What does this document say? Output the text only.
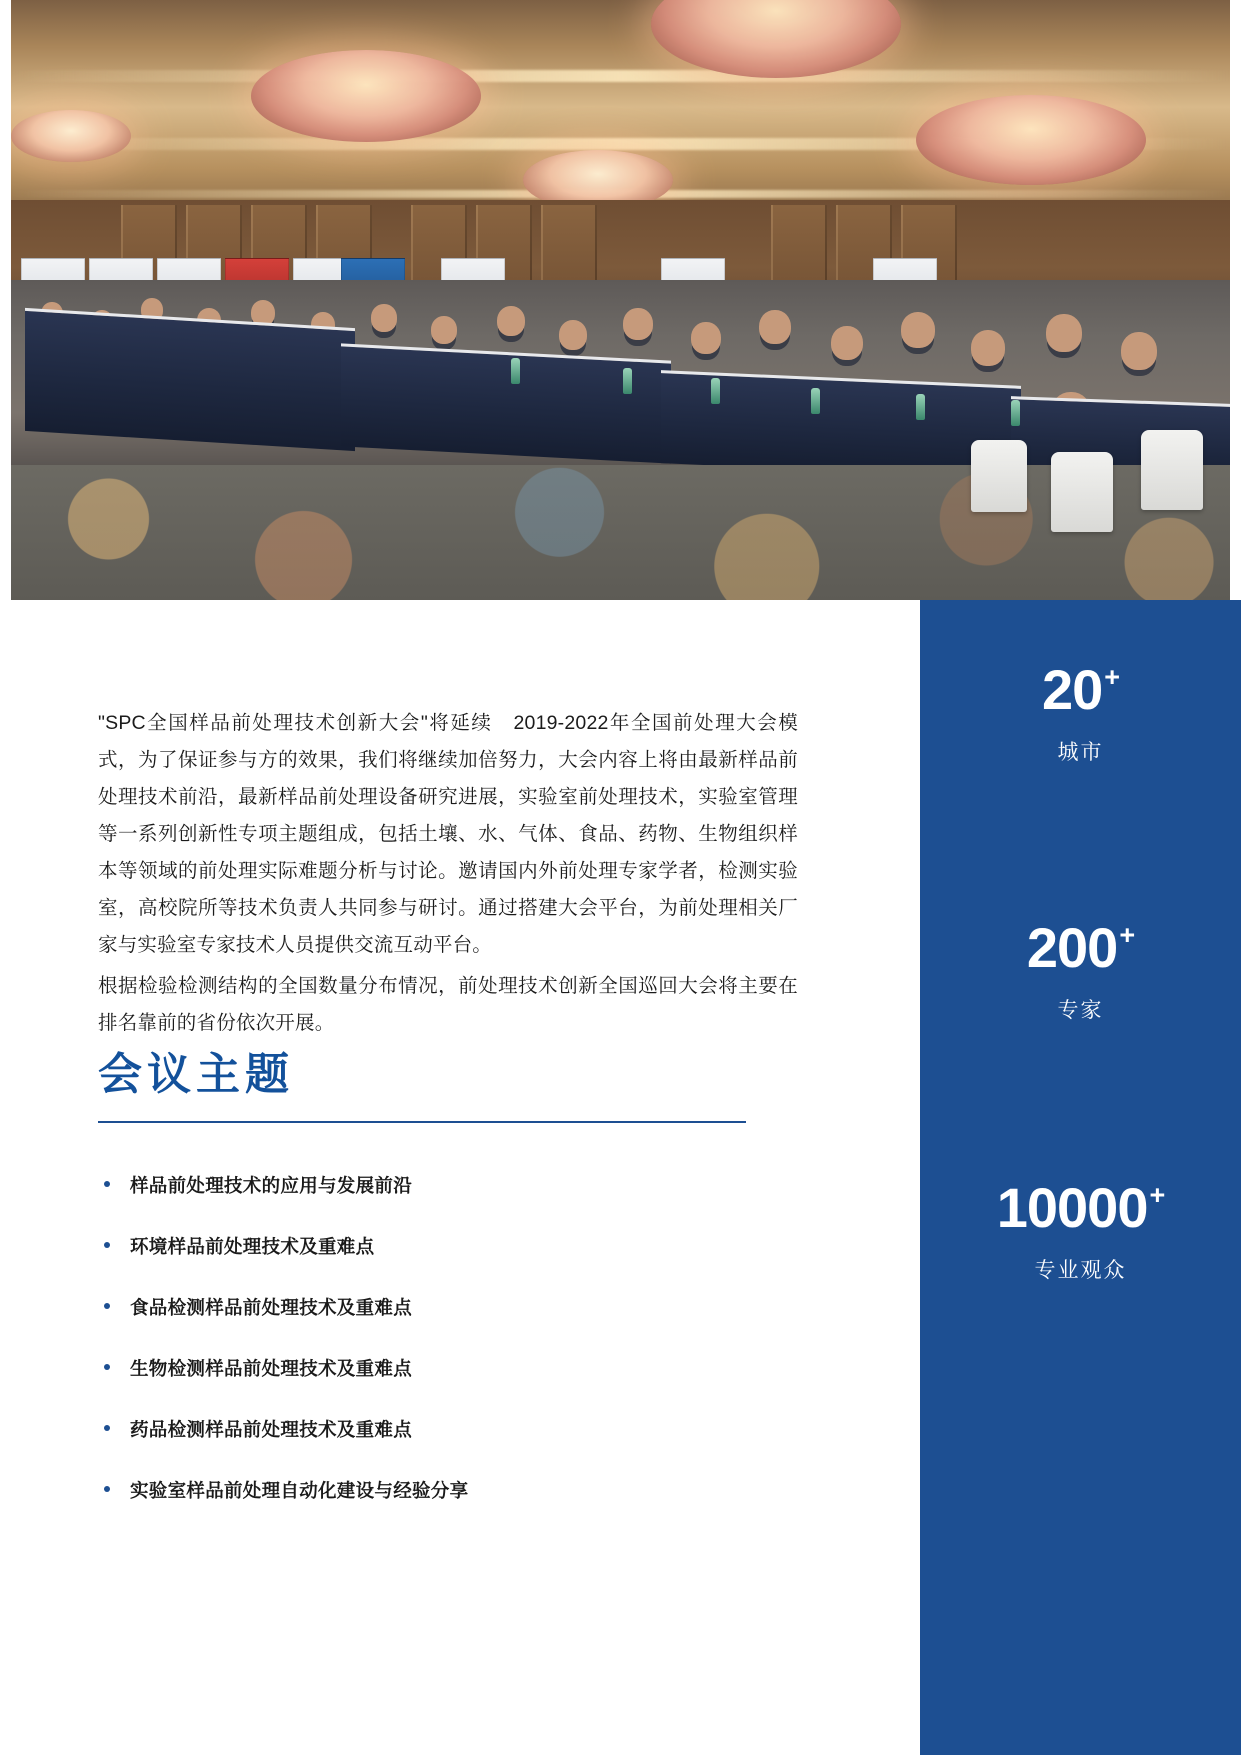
"SPC全国样品前处理技术创新大会"将延续　2019-2022年全国前处理大会模式，为了保证参与方的效果，我们将继续加倍努力，大会内容上将由最新样品前处理技术前沿，最新样品前处理设备研究进展，实验室前处理技术，实验室管理等一系列创新性专项主题组成，包括土壤、水、气体、食品、药物、生物组织样本等领域的前处理实际难题分析与讨论。邀请国内外前处理专家学者，检测实验室，高校院所等技术负责人共同参与研讨。通过搭建大会平台，为前处理相关厂家与实验室专家技术人员提供交流互动平台。

根据检验检测结构的全国数量分布情况，前处理技术创新全国巡回大会将主要在排名靠前的省份依次开展。

会议主题
样品前处理技术的应用与发展前沿
环境样品前处理技术及重难点
食品检测样品前处理技术及重难点
生物检测样品前处理技术及重难点
药品检测样品前处理技术及重难点
实验室样品前处理自动化建设与经验分享
20+
城市
200+
专家
10000+
专业观众
